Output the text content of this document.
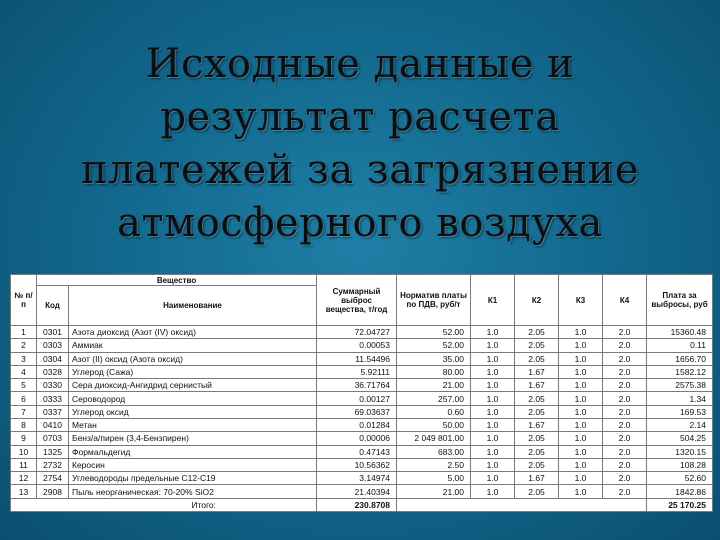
Исходные данные и
результат расчета
платежей за загрязнение
атмосферного воздуха
№ п/п	Вещество		Суммарный выброс вещества, т/год	Норматив платы по ПДВ, руб/т	К1	К2	К3	К4	Плата за выбросы, руб
	Код	Наименование							
1	0301	Азота диоксид (Азот (IV) оксид)	72.04727	52.00	1.0	2.05	1.0	2.0	15360.48
2	0303	Аммиак	0.00053	52.00	1.0	2.05	1.0	2.0	0.11
3	0304	Азот (II) оксид (Азота оксид)	11.54496	35.00	1.0	2.05	1.0	2.0	1656.70
4	0328	Углерод (Сажа)	5.92111	80.00	1.0	1.67	1.0	2.0	1582.12
5	0330	Сера диоксид-Ангидрид сернистый	36.71764	21.00	1.0	1.67	1.0	2.0	2575.38
6	0333	Сероводород	0.00127	257.00	1.0	2.05	1.0	2.0	1.34
7	0337	Углерод оксид	69.03637	0.60	1.0	2.05	1.0	2.0	169.53
8	0410	Метан	0.01284	50.00	1.0	1.67	1.0	2.0	2.14
9	0703	Бенз/а/пирен (3,4-Бензпирен)	0.00006	2 049 801.00	1.0	2.05	1.0	2.0	504.25
10	1325	Формальдегид	0.47143	683.00	1.0	2.05	1.0	2.0	1320.15
11	2732	Керосин	10.56362	2.50	1.0	2.05	1.0	2.0	108.28
12	2754	Углеводороды предельные С12-С19	3.14974	5.00	1.0	1.67	1.0	2.0	52.60
13	2908	Пыль неорганическая: 70-20% SiO2	21.40394	21.00	1.0	2.05	1.0	2.0	1842.86
Итого:			230.8708						25 170.25
